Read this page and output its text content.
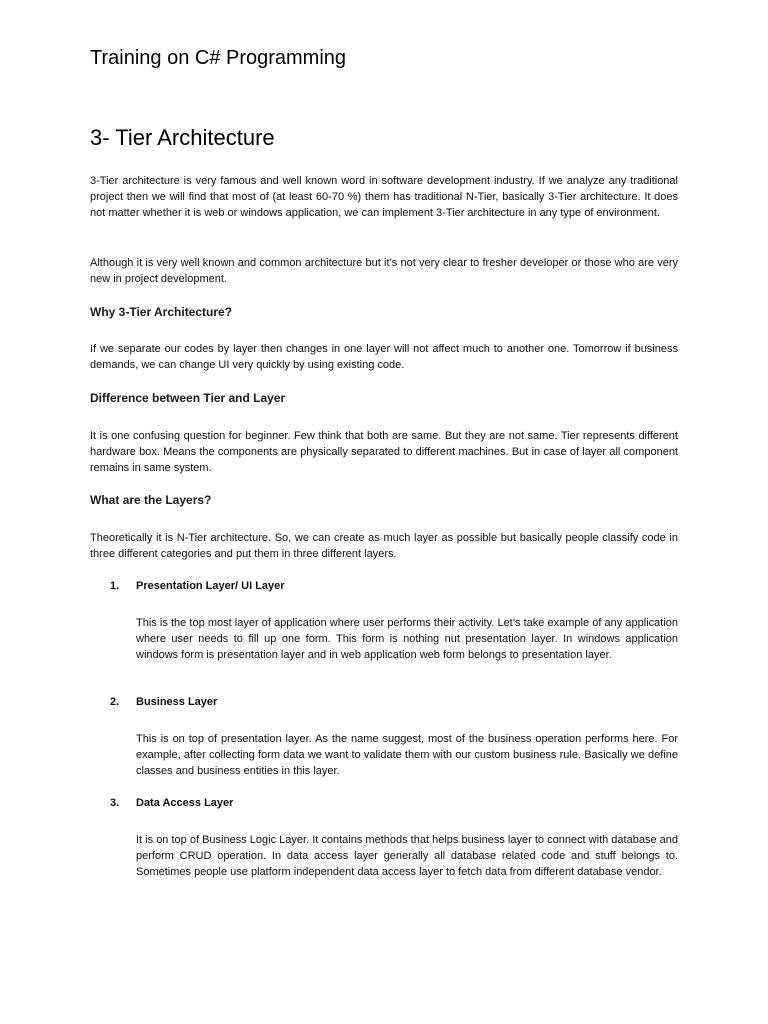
Training on C# Programming
3- Tier Architecture

3-Tier architecture is very famous and well known word in software development industry. If we analyze any traditional project then we will find that most of (at least 60-70 %) them has traditional N-Tier, basically 3-Tier architecture. It does not matter whether it is web or windows application, we can implement 3-Tier architecture in any type of environment.

Although it is very well known and common architecture but it’s not very clear to fresher developer or those who are very new in project development.

Why 3-Tier Architecture?

If we separate our codes by layer then changes in one layer will not affect much to another one. Tomorrow if business demands, we can change UI very quickly by using existing code.

Difference between Tier and Layer

It is one confusing question for beginner. Few think that both are same. But they are not same. Tier represents different hardware box. Means the components are physically separated to different machines. But in case of layer all component remains in same system.

What are the Layers?

Theoretically it is N-Tier architecture. So, we can create as much layer as possible but basically people classify code in three different categories and put them in three different layers.

1. Presentation Layer/ UI Layer

This is the top most layer of application where user performs their activity. Let’s take example of any application where user needs to fill up one form. This form is nothing nut presentation layer. In windows application windows form is presentation layer and in web application web form belongs to presentation layer.

2. Business Layer

This is on top of presentation layer. As the name suggest, most of the business operation performs here. For example, after collecting form data we want to validate them with our custom business rule. Basically we define classes and business entities in this layer.

3. Data Access Layer

It is on top of Business Logic Layer. It contains methods that helps business layer to connect with database and perform CRUD operation. In data access layer generally all database related code and stuff belongs to. Sometimes people use platform independent data access layer to fetch data from different database vendor.
